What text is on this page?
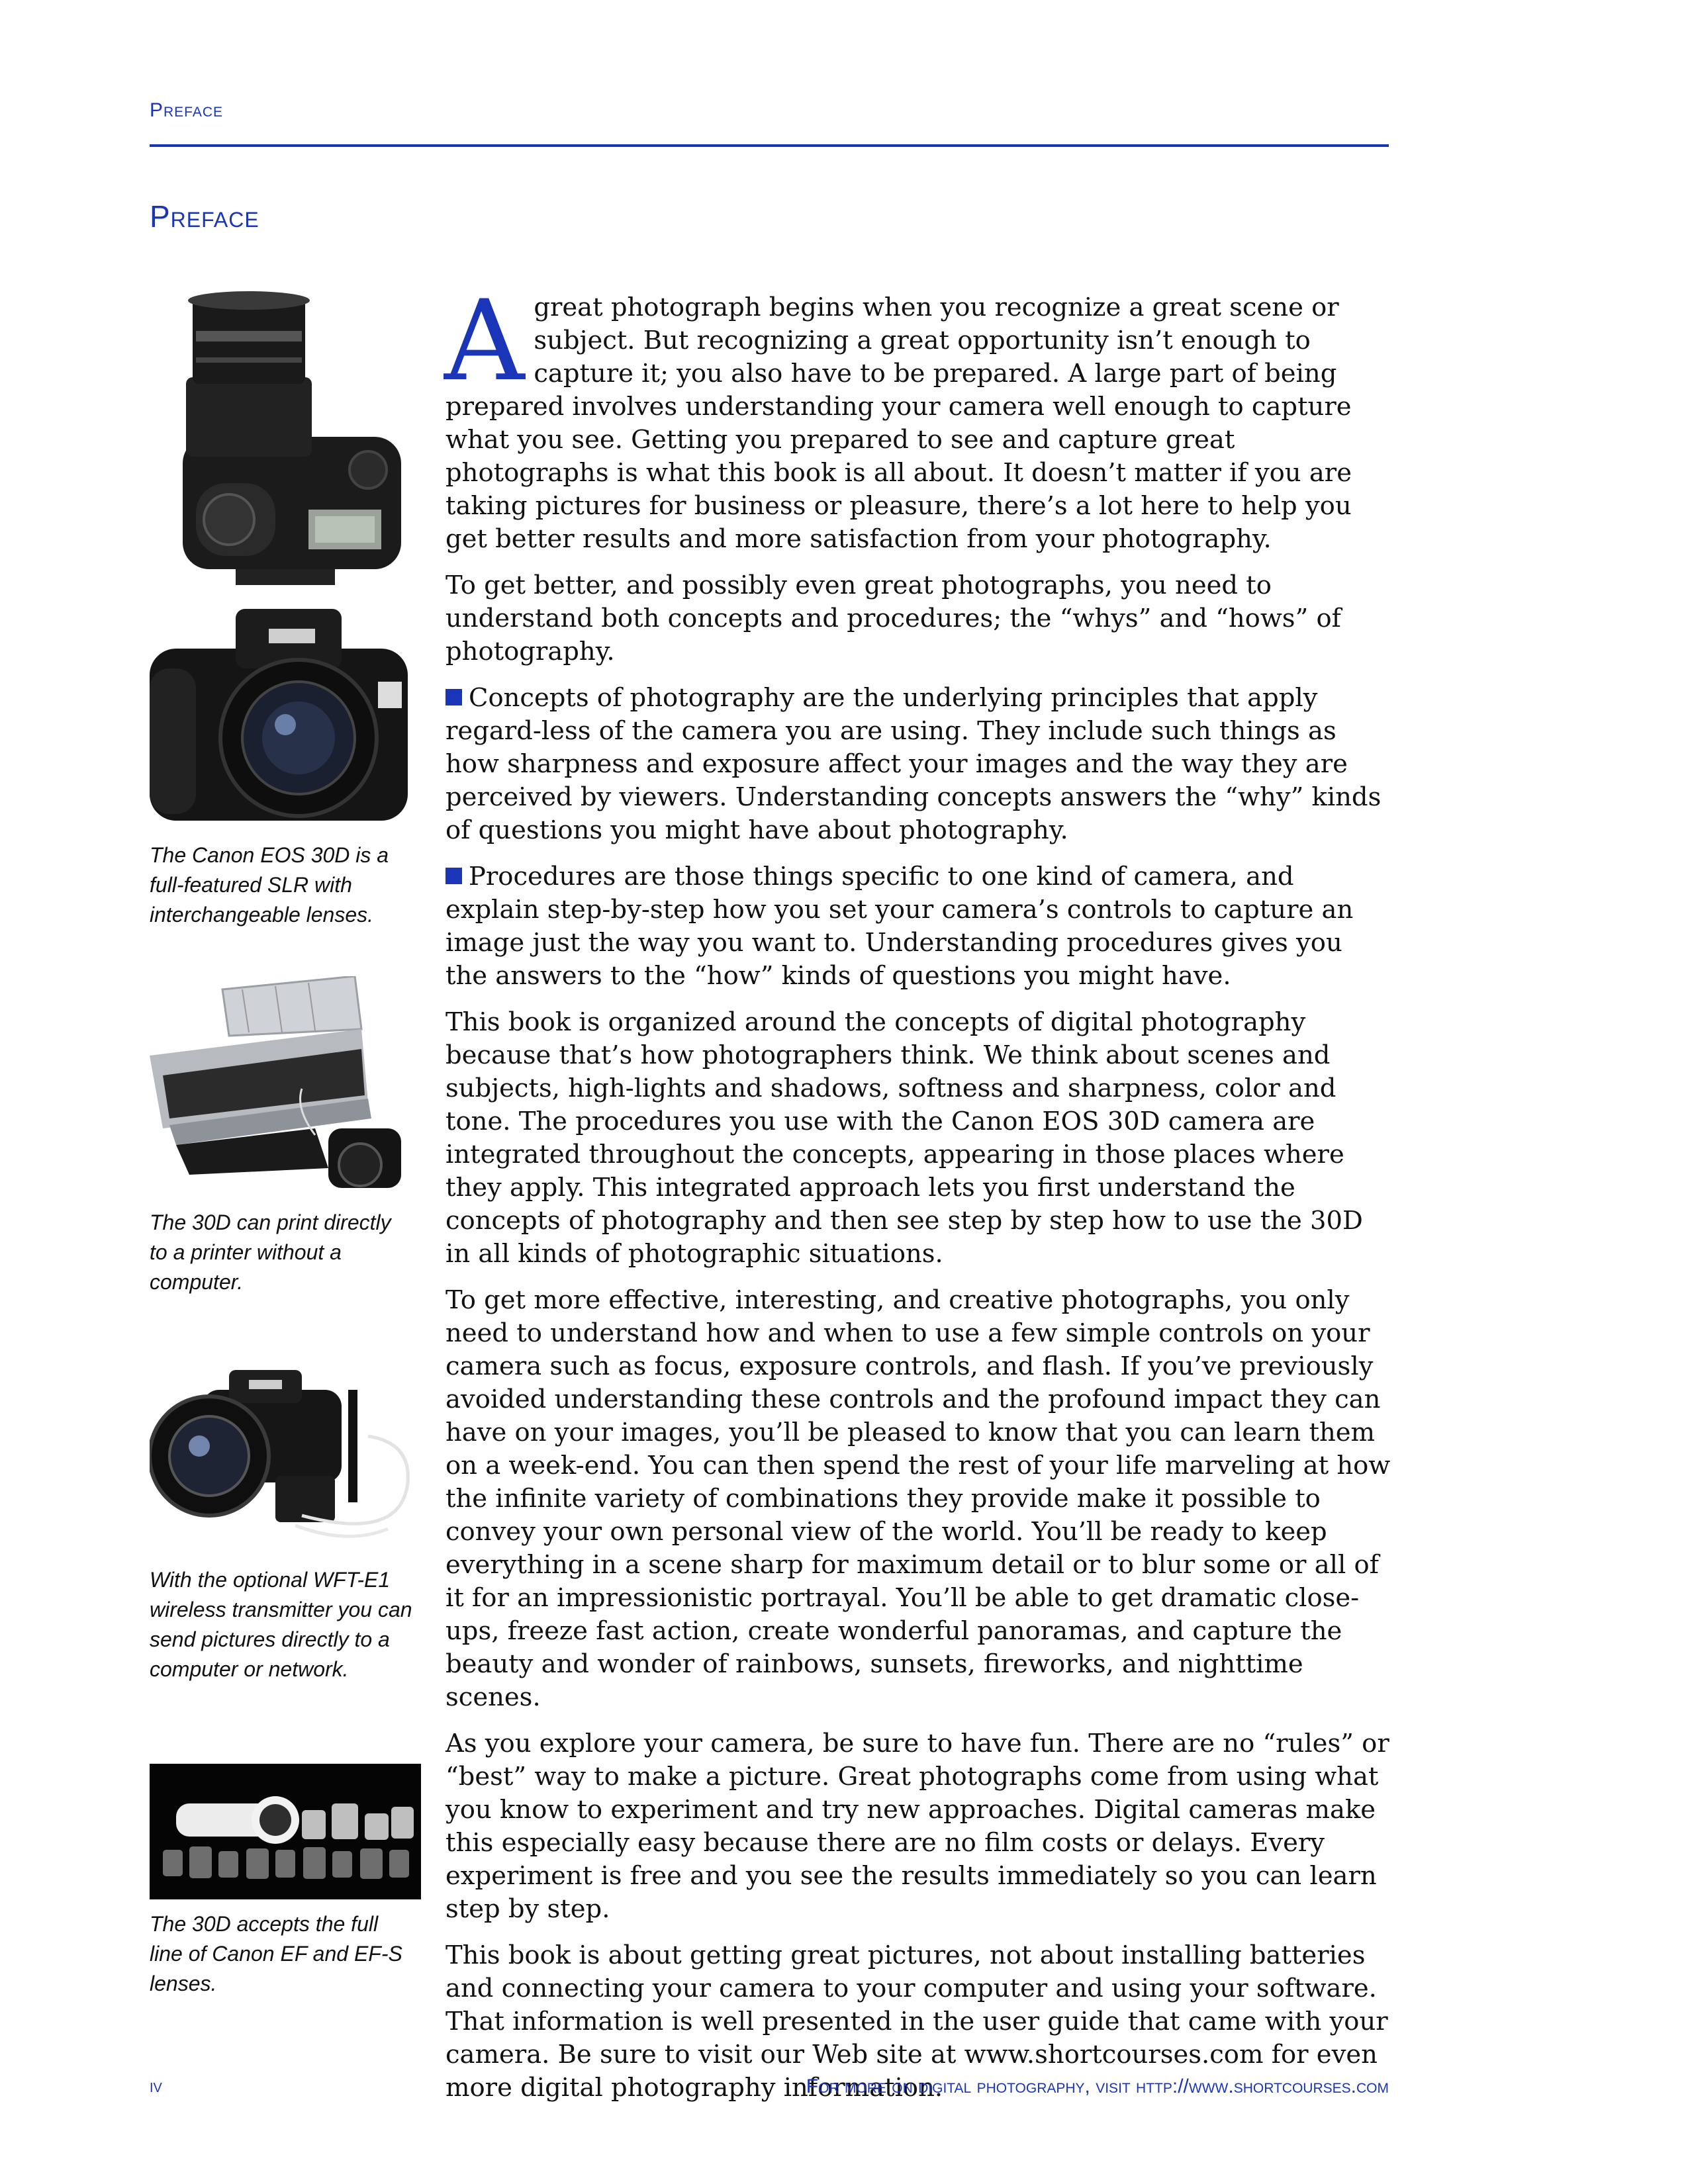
Preface
Preface
The Canon EOS 30D is a full-featured SLR with interchangeable lenses.
The 30D can print directly to a printer without a computer.
With the optional WFT-E1 wireless transmitter you can send pictures directly to a computer or network.
The 30D accepts the full line of Canon EF and EF-S lenses.

A great photograph begins when you recognize a great scene or subject. But recognizing a great opportunity isn’t enough to capture it; you also have to be prepared. A large part of being prepared involves understanding your camera well enough to capture what you see. Getting you prepared to see and capture great photographs is what this book is all about. It doesn’t matter if you are taking pictures for business or pleasure, there’s a lot here to help you get better results and more satisfaction from your photography.

To get better, and possibly even great photographs, you need to understand both concepts and procedures; the “whys” and “hows” of photography.

Concepts of photography are the underlying principles that apply regard-less of the camera you are using. They include such things as how sharpness and exposure affect your images and the way they are perceived by viewers. Understanding concepts answers the “why” kinds of questions you might have about photography.

Procedures are those things specific to one kind of camera, and explain step-by-step how you set your camera’s controls to capture an image just the way you want to. Understanding procedures gives you the answers to the “how” kinds of questions you might have.

This book is organized around the concepts of digital photography because that’s how photographers think. We think about scenes and subjects, high-lights and shadows, softness and sharpness, color and tone. The procedures you use with the Canon EOS 30D camera are integrated throughout the concepts, appearing in those places where they apply. This integrated approach lets you first understand the concepts of photography and then see step by step how to use the 30D in all kinds of photographic situations.

To get more effective, interesting, and creative photographs, you only need to understand how and when to use a few simple controls on your camera such as focus, exposure controls, and flash. If you’ve previously avoided understanding these controls and the profound impact they can have on your images, you’ll be pleased to know that you can learn them on a week-end. You can then spend the rest of your life marveling at how the infinite variety of combinations they provide make it possible to convey your own personal view of the world. You’ll be ready to keep everything in a scene sharp for maximum detail or to blur some or all of it for an impressionistic portrayal. You’ll be able to get dramatic close-ups, freeze fast action, create wonderful panoramas, and capture the beauty and wonder of rainbows, sunsets, fireworks, and nighttime scenes.

As you explore your camera, be sure to have fun. There are no “rules” or “best” way to make a picture. Great photographs come from using what you know to experiment and try new approaches. Digital cameras make this especially easy because there are no film costs or delays. Every experiment is free and you see the results immediately so you can learn step by step.

This book is about getting great pictures, not about installing batteries and connecting your camera to your computer and using your software. That information is well presented in the user guide that came with your camera. Be sure to visit our Web site at www.shortcourses.com for even more digital photography information.

iv	For more on digital photography, visit http://www.shortcourses.com
